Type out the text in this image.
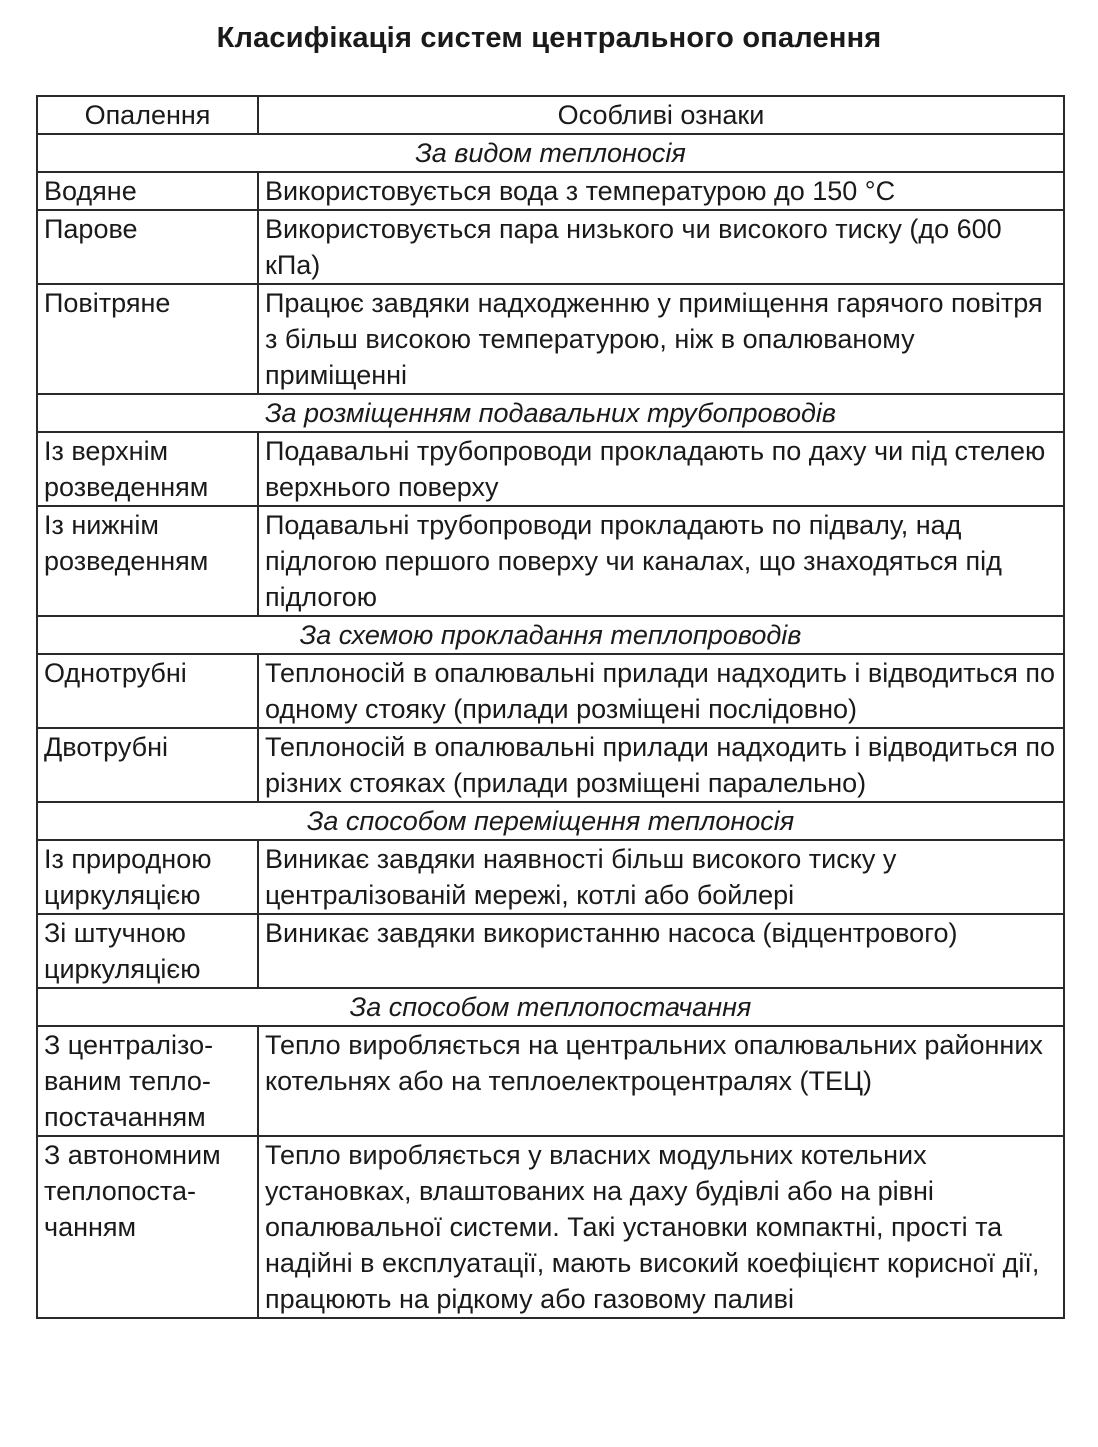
Класифікація систем центрального опалення
Опалення	Особливі ознаки
За видом теплоносія	
Водяне	Використовується вода з температурою до 150 °С
Парове	Використовується пара низького чи високого тиску (до 600 кПа)
Повітряне	Працює завдяки надходженню у приміщення гарячого повітря з більш високою температурою, ніж в опалюваному приміщенні
За розміщенням подавальних трубопроводів	
Із верхнім розведенням	Подавальні трубопроводи прокладають по даху чи під стелею верхнього поверху
Із нижнім розведенням	Подавальні трубопроводи прокладають по підвалу, над підлогою першого поверху чи каналах, що знаходяться під підлогою
За схемою прокладання теплопроводів	
Однотрубні	Теплоносій в опалювальні прилади надходить і відводиться по одному стояку (прилади розміщені послідовно)
Двотрубні	Теплоносій в опалювальні прилади надходить і відводиться по різних стояках (прилади розміщені паралельно)
За способом переміщення теплоносія	
Із природною циркуляцією	Виникає завдяки наявності більш високого тиску у централізованій мережі, котлі або бойлері
Зі штучною циркуляцією	Виникає завдяки використанню насоса (відцентрового)
За способом теплопостачання	
З централізо-ваним тепло-постачанням	Тепло виробляється на центральних опалювальних районних котельнях або на теплоелектроцентралях (ТЕЦ)
З автономним теплопоста-чанням	Тепло виробляється у власних модульних котельних установках, влаштованих на даху будівлі або на рівні опалювальної системи. Такі установки компактні, прості та надійні в експлуатації, мають високий коефіцієнт корисної дії, працюють на рідкому або газовому паливі
